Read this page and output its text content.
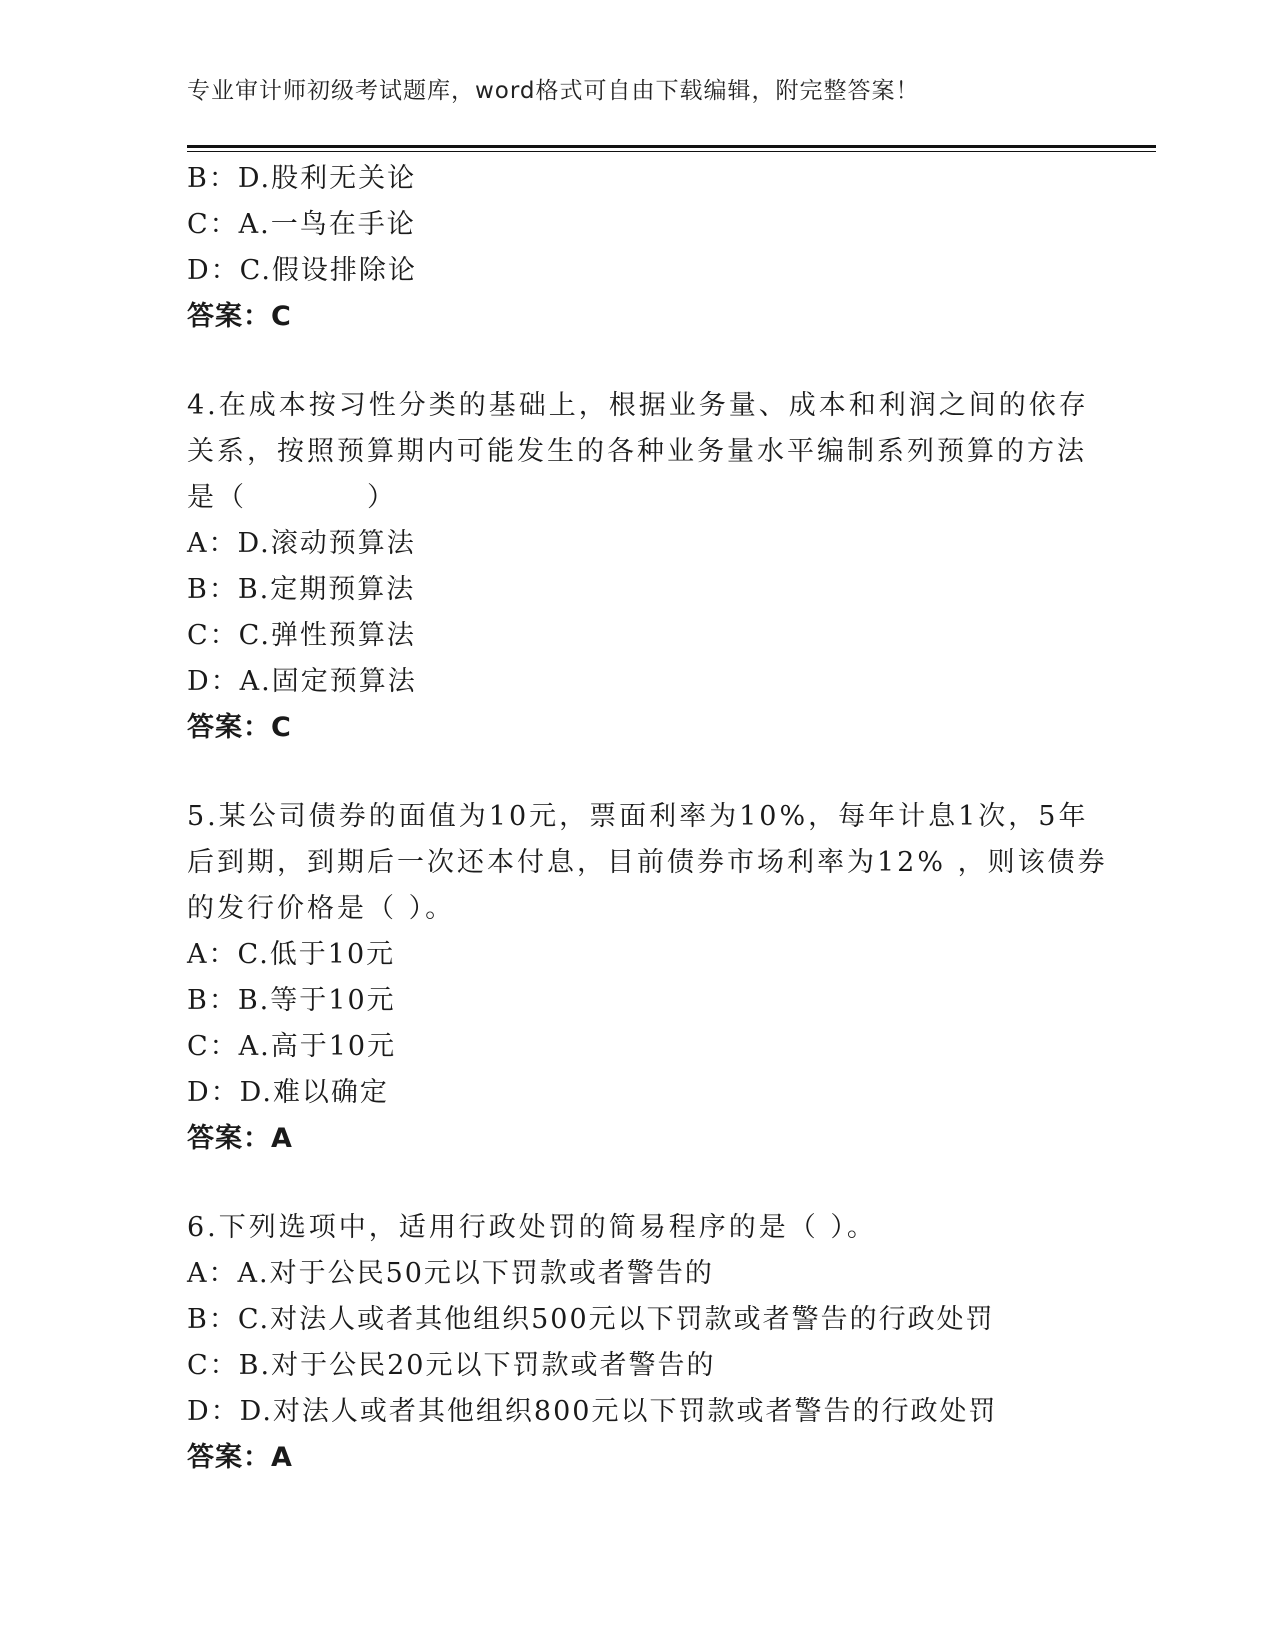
专业审计师初级考试题库，word格式可自由下载编辑，附完整答案！
B：D.股利无关论
C：A.一鸟在手论
D：C.假设排除论
答案：C
4.在成本按习性分类的基础上，根据业务量、成本和利润之间的依存
关系，按照预算期内可能发生的各种业务量水平编制系列预算的方法
是（　　　　）
A：D.滚动预算法
B：B.定期预算法
C：C.弹性预算法
D：A.固定预算法
答案：C
5.某公司债券的面值为10元，票面利率为10%，每年计息1次，5年
后到期，到期后一次还本付息，目前债券市场利率为12% ，则该债券
的发行价格是（ ）。
A：C.低于10元
B：B.等于10元
C：A.高于10元
D：D.难以确定
答案：A
6.下列选项中，适用行政处罚的简易程序的是（ ）。
A：A.对于公民50元以下罚款或者警告的
B：C.对法人或者其他组织500元以下罚款或者警告的行政处罚
C：B.对于公民20元以下罚款或者警告的
D：D.对法人或者其他组织800元以下罚款或者警告的行政处罚
答案：A
